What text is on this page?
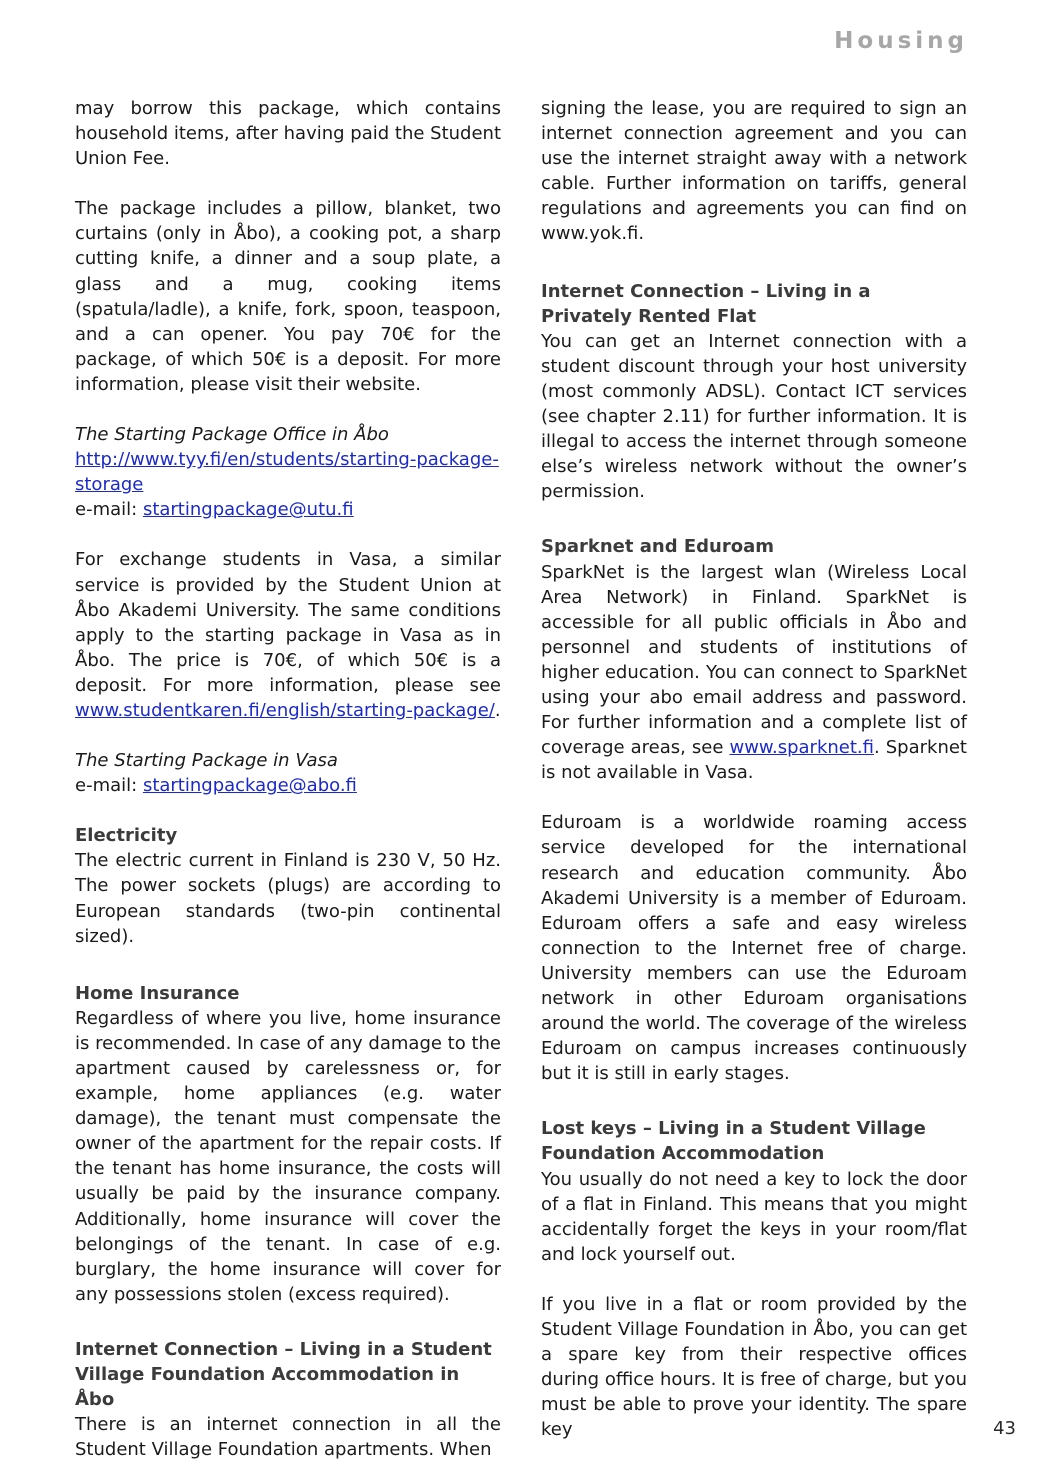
Housing

may borrow this package, which contains household items, after having paid the Student Union Fee.

The package includes a pillow, blanket, two curtains (only in Åbo), a cooking pot, a sharp cutting knife, a dinner and a soup plate, a glass and a mug, cooking items (spatula/ladle), a knife, fork, spoon, teaspoon, and a can opener. You pay 70€ for the package, of which 50€ is a deposit. For more information, please visit their website.

The Starting Package Office in Åbo
http://www.tyy.fi/en/students/starting-package-storage
e-mail: startingpackage@utu.fi

For exchange students in Vasa, a similar service is provided by the Student Union at Åbo Akademi University. The same conditions apply to the starting package in Vasa as in Åbo. The price is 70€, of which 50€ is a deposit. For more information, please see www.studentkaren.fi/english/starting-package/.

The Starting Package in Vasa
e-mail: startingpackage@abo.fi

Electricity

The electric current in Finland is 230 V, 50 Hz. The power sockets (plugs) are according to European standards (two-pin continental sized).

Home Insurance

Regardless of where you live, home insurance is recommended. In case of any damage to the apartment caused by carelessness or, for example, home appliances (e.g. water damage), the tenant must compensate the owner of the apartment for the repair costs. If the tenant has home insurance, the costs will usually be paid by the insurance company. Additionally, home insurance will cover the belongings of the tenant. In case of e.g. burglary, the home insurance will cover for any possessions stolen (excess required).

Internet Connection – Living in a Student Village Foundation Accommodation in Åbo

There is an internet connection in all the Student Village Foundation apartments. When

signing the lease, you are required to sign an internet connection agreement and you can use the internet straight away with a network cable. Further information on tariffs, general regulations and agreements you can find on www.yok.fi.

Internet Connection – Living in a Privately Rented Flat

You can get an Internet connection with a student discount through your host university (most commonly ADSL). Contact ICT services (see chapter 2.11) for further information. It is illegal to access the internet through someone else’s wireless network without the owner’s permission.

Sparknet and Eduroam

SparkNet is the largest wlan (Wireless Local Area Network) in Finland. SparkNet is accessible for all public officials in Åbo and personnel and students of institutions of higher education. You can connect to SparkNet using your abo email address and password. For further information and a complete list of coverage areas, see www.sparknet.fi. Sparknet is not available in Vasa.

Eduroam is a worldwide roaming access service developed for the international research and education community. Åbo Akademi University is a member of Eduroam. Eduroam offers a safe and easy wireless connection to the Internet free of charge. University members can use the Eduroam network in other Eduroam organisations around the world. The coverage of the wireless Eduroam on campus increases continuously but it is still in early stages.

Lost keys – Living in a Student Village Foundation Accommodation

You usually do not need a key to lock the door of a flat in Finland. This means that you might accidentally forget the keys in your room/flat and lock yourself out.

If you live in a flat or room provided by the Student Village Foundation in Åbo, you can get a spare key from their respective offices during office hours. It is free of charge, but you must be able to prove your identity. The spare key	43
